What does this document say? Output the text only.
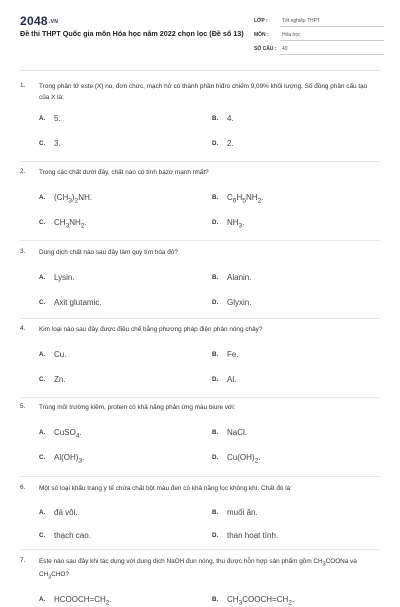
2048.VN
Đề thi THPT Quốc gia môn Hóa học năm 2022 chọn lọc (Đề số 13)
LỚP :	Tốt nghiệp THPT
MÔN :	Hóa học
SỐ CÂU : 40
1. Trong phân tử este (X) no, đơn chức, mạch hở có thành phần hiđro chiếm 9,09% khối lượng. Số đồng phân cấu tạo của X là:
A. 5.	B. 4.
C. 3.	D. 2.
2. Trong các chất dưới đây, chất nào có tính bazơ mạnh nhất?
A. $(CH_3)_2NH$.	B. $C_6H_5NH_2$.
C. $CH_3NH_2$.	D. $NH_3$.
3. Dung dịch chất nào sau đây làm quỳ tím hóa đỏ?
A. Lysin.	B. Alanin.
C. Axit glutamic.	D. Glyxin.
4. Kim loại nào sau đây được điều chế bằng phương pháp điện phân nóng chảy?
A. Cu.	B. Fe.
C. Zn.	D. Al.
5. Trong môi trường kiềm, protein có khả năng phản ứng màu biure với:
A. CuSO$_4$.	B. NaCl.
C. $Al(OH)_3$.	D. $Cu(OH)_2$.
6. Một số loại khẩu trang y tế chứa chất bột màu đen có khả năng lọc không khí. Chất đó là:
A. đá vôi.	B. muối ăn.
C. thạch cao.	D. than hoạt tính.
7. Este nào sau đây khi tác dụng với dung dịch NaOH đun nóng, thu được hỗn hợp sản phẩm gồm $CH_3COONa$ và $CH_3CHO$?
A. $HCOOCH=CH_2$.	B. $CH_3COOCH=CH_2$.
